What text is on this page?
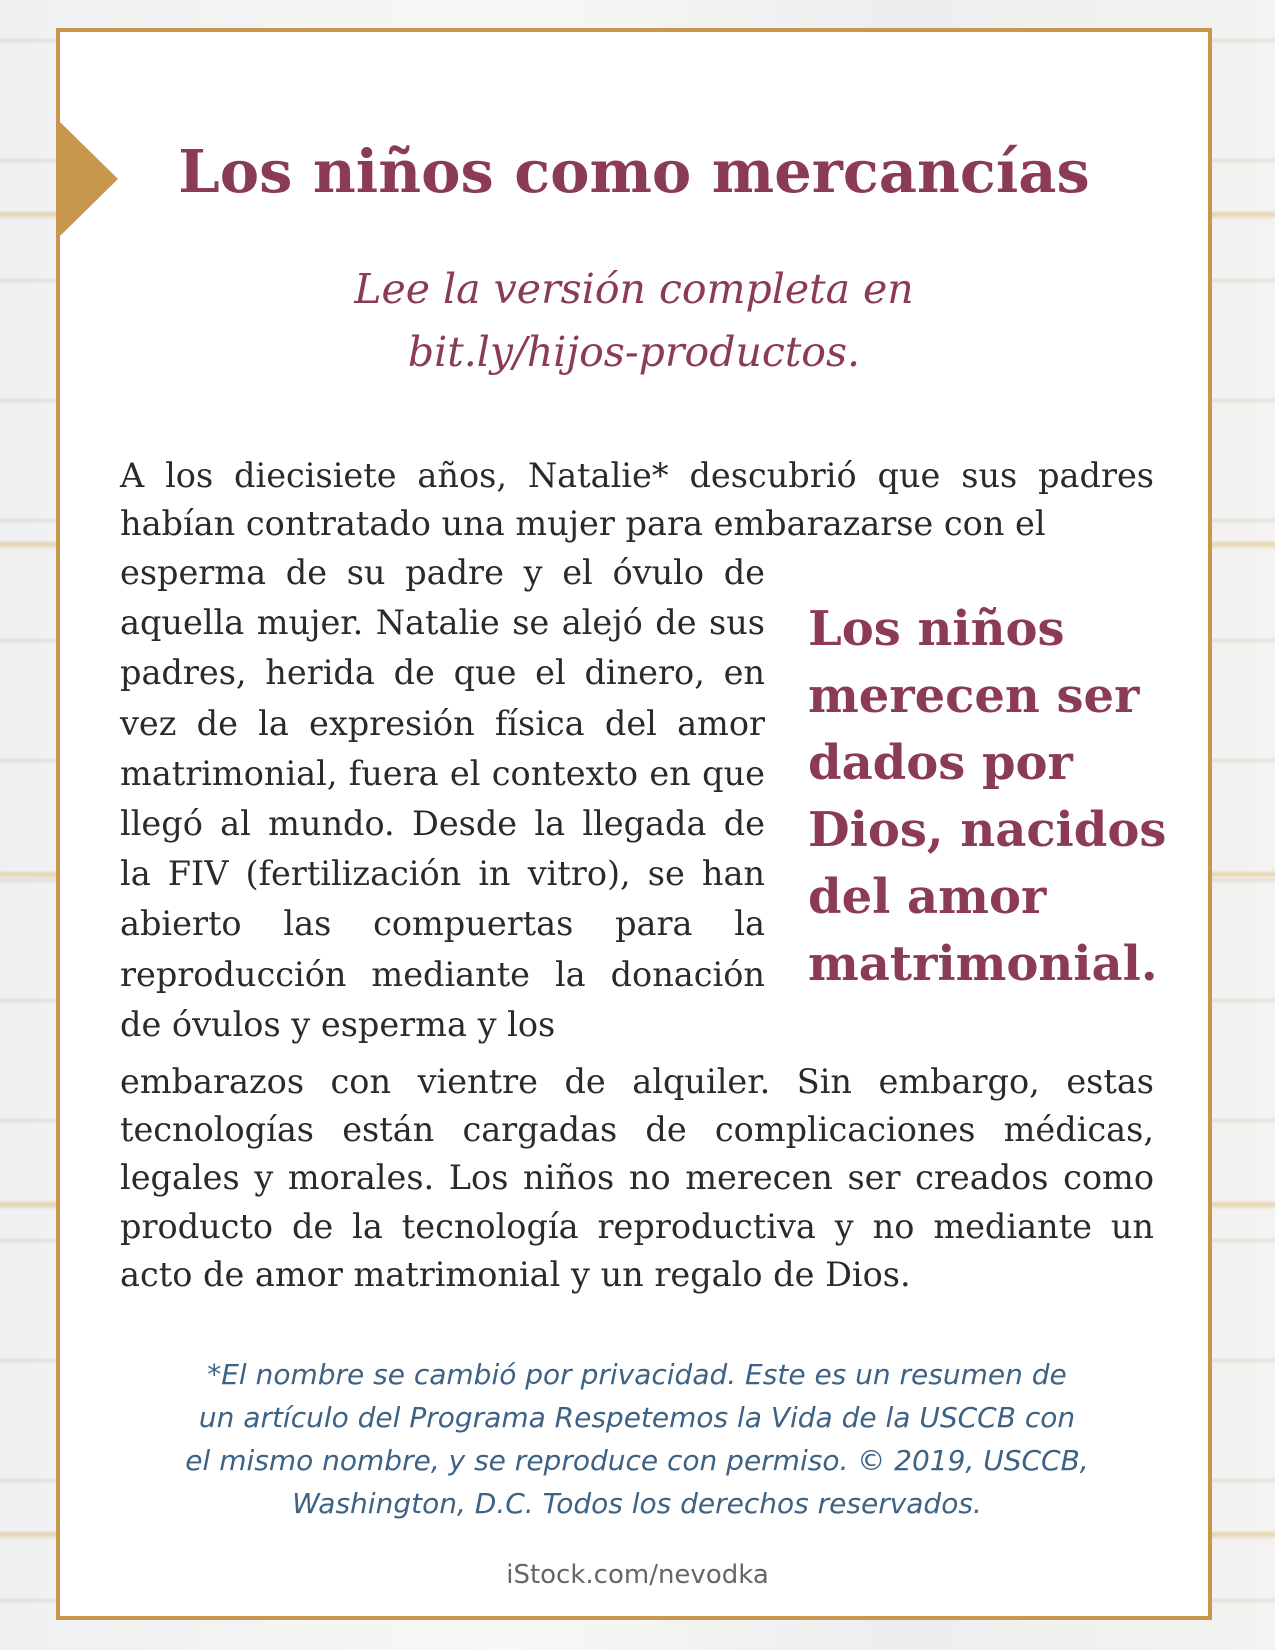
Los niños como mercancías
Lee la versión completa en
bit.ly/hijos-productos.
A los diecisiete años, Natalie* descubrió que sus padres habían contratado una mujer para embarazarse con el
esperma de su padre y el óvulo de aquella mujer. Natalie se alejó de sus padres, herida de que el dinero, en vez de la expresión física del amor matrimonial, fuera el contexto en que llegó al mundo. Desde la llegada de la FIV (fertilización in vitro), se han abierto las compuertas para la reproducción mediante la donación de óvulos y esperma y los
Los niños
merecen ser
dados por
Dios, nacidos
del amor
matrimonial.
embarazos con vientre de alquiler. Sin embargo, estas tecnologías están cargadas de complicaciones médicas, legales y morales. Los niños no merecen ser creados como producto de la tecnología reproductiva y no mediante un acto de amor matrimonial y un regalo de Dios.
*El nombre se cambió por privacidad. Este es un resumen de
un artículo del Programa Respetemos la Vida de la USCCB con
el mismo nombre, y se reproduce con permiso. © 2019, USCCB,
Washington, D.C. Todos los derechos reservados.
iStock.com/nevodka
